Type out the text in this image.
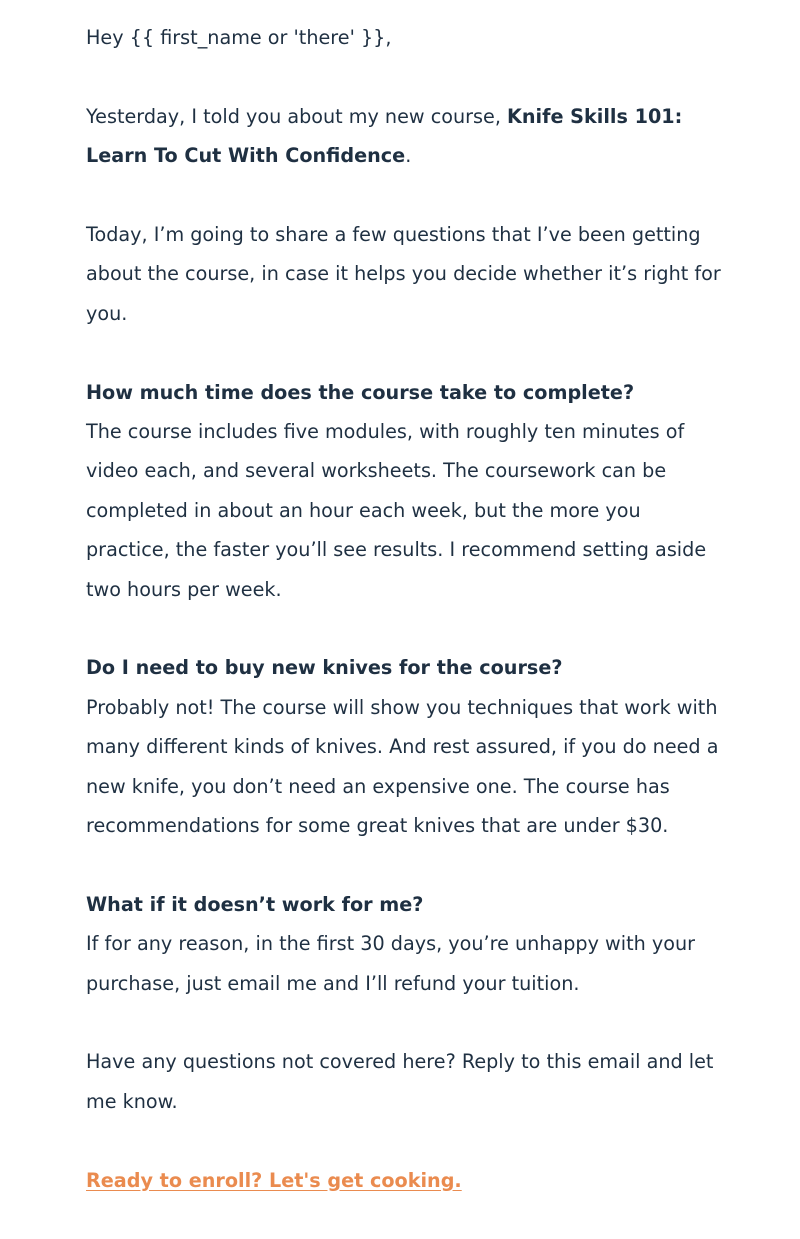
Hey {{ first_name or 'there' }},

Yesterday, I told you about my new course, Knife Skills 101: Learn To Cut With Confidence.

Today, I’m going to share a few questions that I’ve been getting about the course, in case it helps you decide whether it’s right for you.

How much time does the course take to complete?

The course includes five modules, with roughly ten minutes of video each, and several worksheets. The coursework can be completed in about an hour each week, but the more you practice, the faster you’ll see results. I recommend setting aside two hours per week.

Do I need to buy new knives for the course?

Probably not! The course will show you techniques that work with many different kinds of knives. And rest assured, if you do need a new knife, you don’t need an expensive one. The course has recommendations for some great knives that are under $30.

What if it doesn’t work for me?

If for any reason, in the first 30 days, you’re unhappy with your purchase, just email me and I’ll refund your tuition.

Have any questions not covered here? Reply to this email and let me know.

Ready to enroll? Let's get cooking.
